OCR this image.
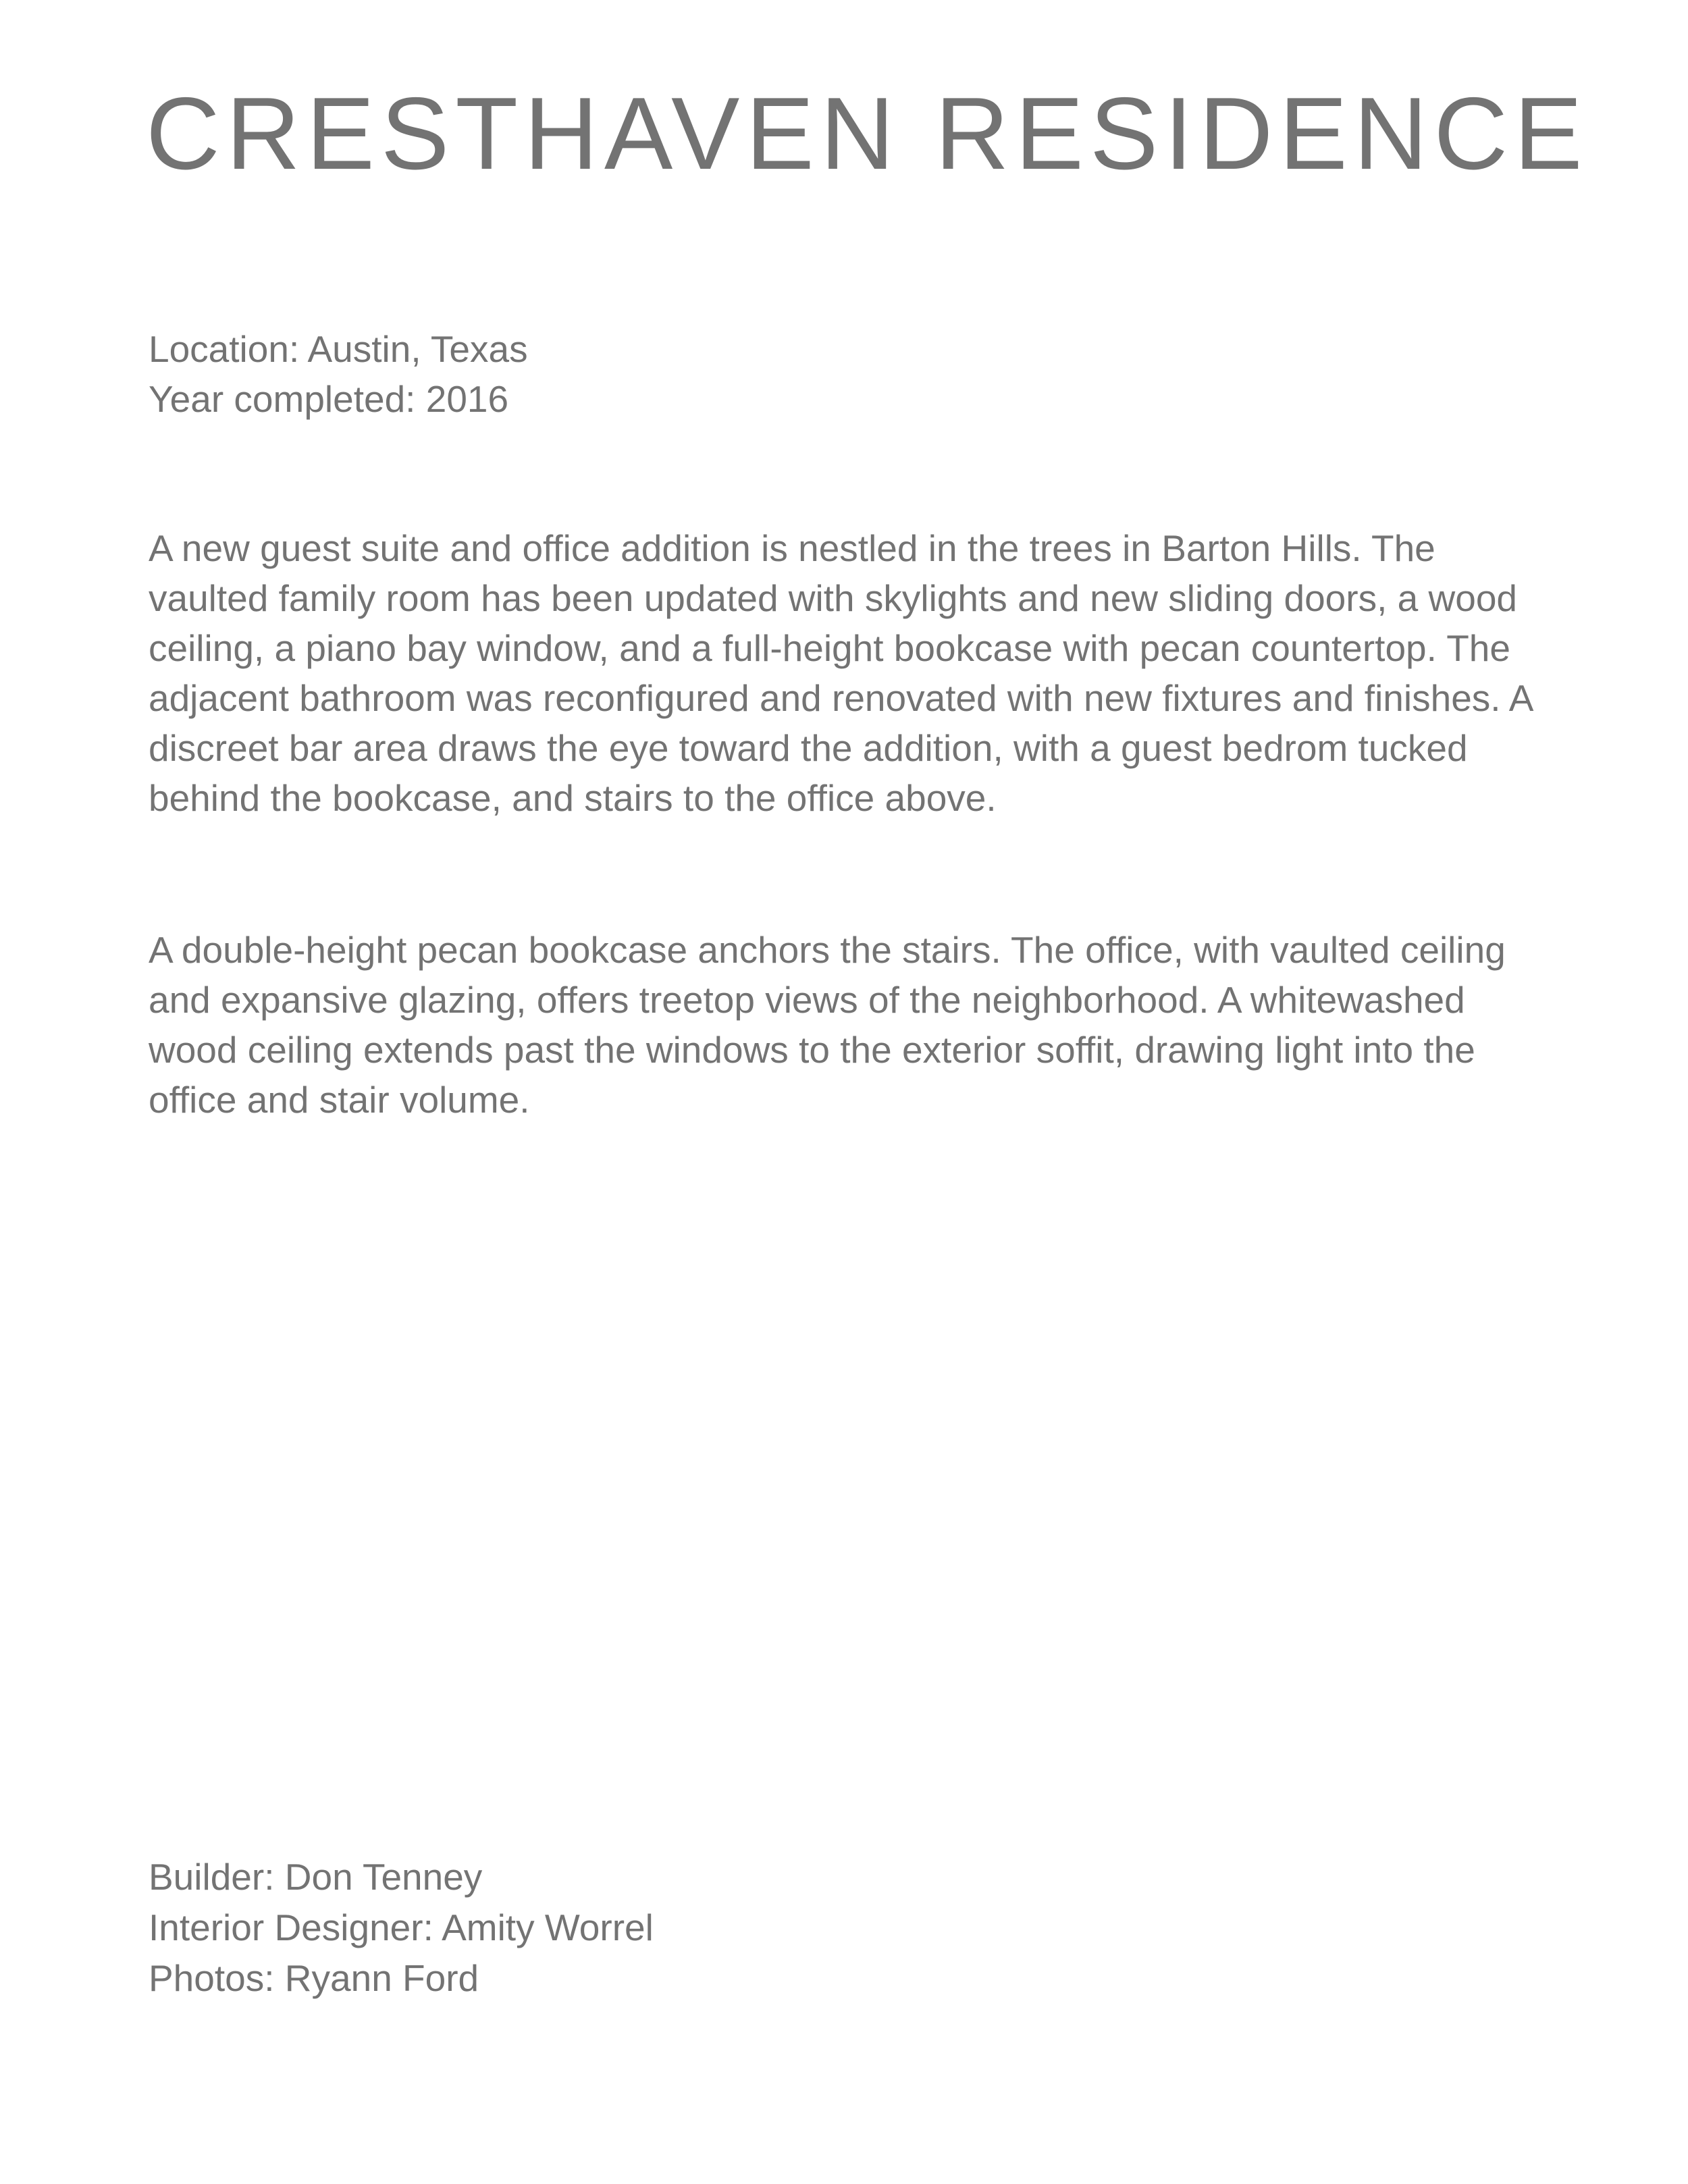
CRESTHAVEN RESIDENCE
Location: Austin, Texas
Year completed: 2016

A new guest suite and office addition is nestled in the trees in Barton Hills. The vaulted family room has been updated with skylights and new sliding doors, a wood ceiling, a piano bay window, and a full-height bookcase with pecan countertop. The adjacent bathroom was reconfigured and renovated with new fixtures and finishes. A discreet bar area draws the eye toward the addition, with a guest bedrom tucked behind the bookcase, and stairs to the office above.

A double-height pecan bookcase anchors the stairs. The office, with vaulted ceiling and expansive glazing, offers treetop views of the neighborhood. A whitewashed wood ceiling extends past the windows to the exterior soffit, drawing light into the office and stair volume.

Builder: Don Tenney
Interior Designer: Amity Worrel
Photos: Ryann Ford
